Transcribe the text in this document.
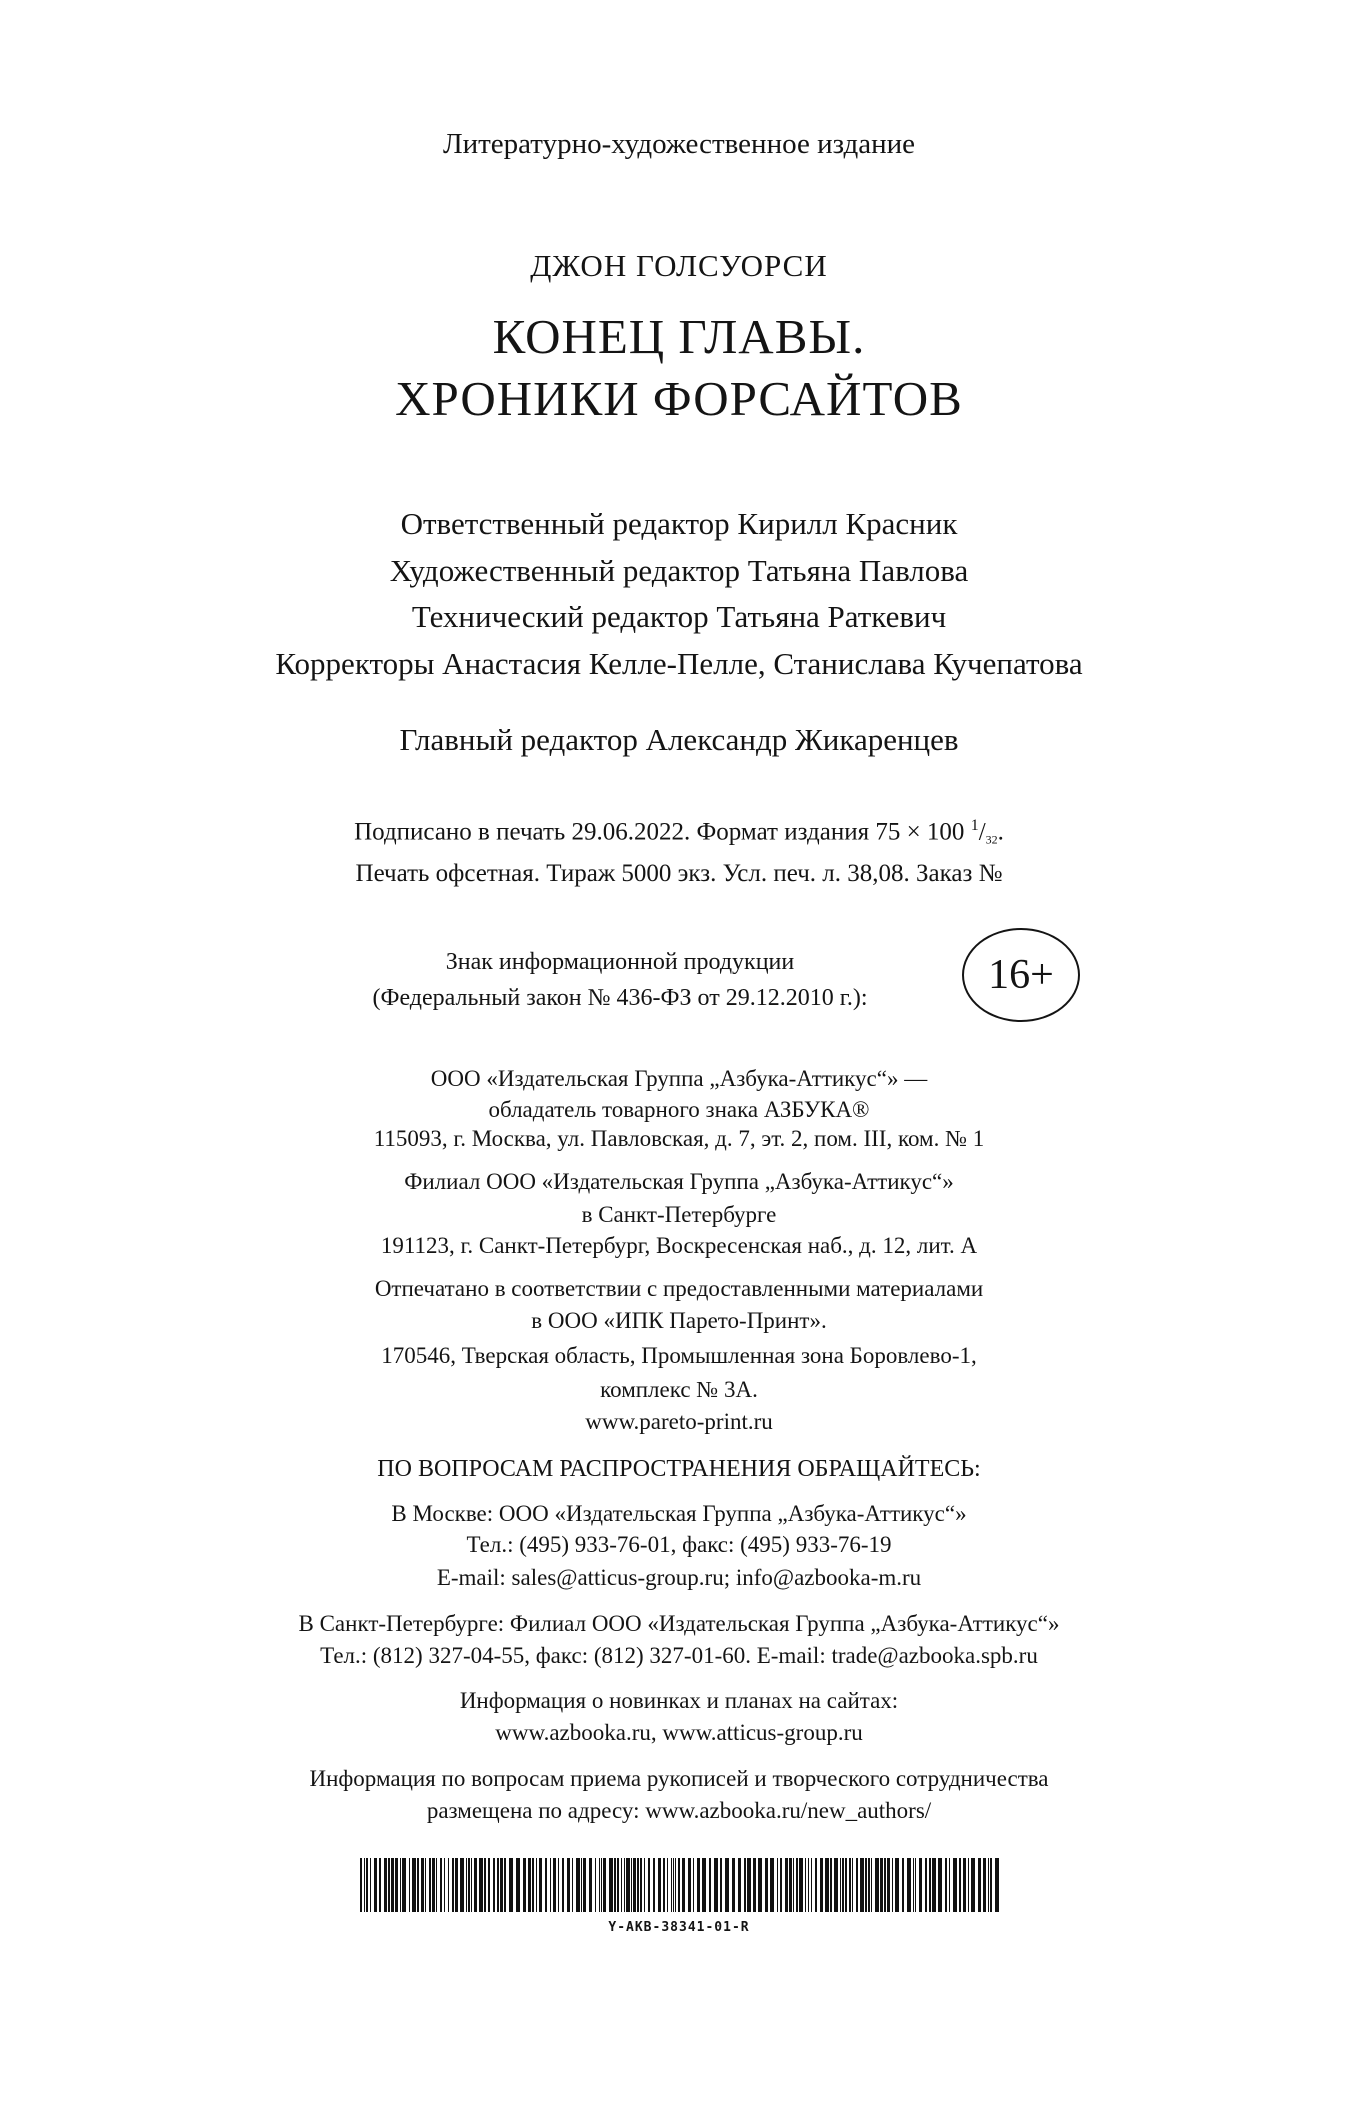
Литературно-художественное издание
ДЖОН ГОЛСУОРСИ
КОНЕЦ ГЛАВЫ.
ХРОНИКИ ФОРСАЙТОВ
Ответственный редактор Кирилл Красник
Художественный редактор Татьяна Павлова
Технический редактор Татьяна Раткевич
Корректоры Анастасия Келле-Пелле, Станислава Кучепатова
Главный редактор Александр Жикаренцев
Подписано в печать 29.06.2022. Формат издания 75 × 100 $^1/_{32}$.
Печать офсетная. Тираж 5000 экз. Усл. печ. л. 38,08. Заказ №
Знак информационной продукции
(Федеральный закон № 436-ФЗ от 29.12.2010 г.):	16+
ООО «Издательская Группа „Азбука-Аттикус“» —
обладатель товарного знака АЗБУКА®
115093, г. Москва, ул. Павловская, д. 7, эт. 2, пом. III, ком. № 1
Филиал ООО «Издательская Группа „Азбука-Аттикус“»
в Санкт-Петербурге
191123, г. Санкт-Петербург, Воскресенская наб., д. 12, лит. А
Отпечатано в соответствии с предоставленными материалами
в ООО «ИПК Парето-Принт».
170546, Тверская область, Промышленная зона Боровлево-1,
комплекс № 3А.
www.pareto-print.ru
ПО ВОПРОСАМ РАСПРОСТРАНЕНИЯ ОБРАЩАЙТЕСЬ:
В Москве: ООО «Издательская Группа „Азбука-Аттикус“»
Тел.: (495) 933-76-01, факс: (495) 933-76-19
E-mail: sales@atticus-group.ru; info@azbooka-m.ru
В Санкт-Петербурге: Филиал ООО «Издательская Группа „Азбука-Аттикус“»
Тел.: (812) 327-04-55, факс: (812) 327-01-60. E-mail: trade@azbooka.spb.ru
Информация о новинках и планах на сайтах:
www.azbooka.ru, www.atticus-group.ru
Информация по вопросам приема рукописей и творческого сотрудничества
размещена по адресу: www.azbooka.ru/new_authors/
Y-AKB-38341-01-R
